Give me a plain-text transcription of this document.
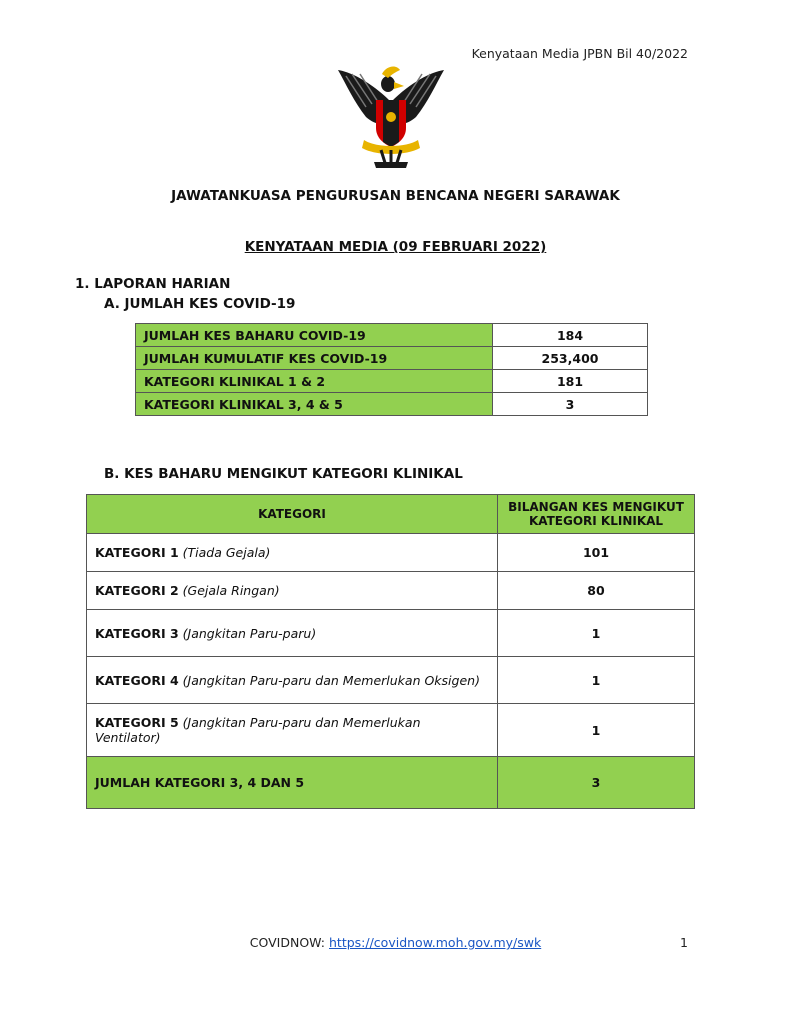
Kenyataan Media JPBN Bil 40/2022
JAWATANKUASA PENGURUSAN BENCANA NEGERI SARAWAK
KENYATAAN MEDIA (09 FEBRUARI 2022)
1. LAPORAN HARIAN
A. JUMLAH KES COVID-19
JUMLAH KES BAHARU COVID-19	184
JUMLAH KUMULATIF KES COVID-19	253,400
KATEGORI KLINIKAL 1 & 2	181
KATEGORI KLINIKAL 3, 4 & 5	3
B. KES BAHARU MENGIKUT KATEGORI KLINIKAL
KATEGORI	BILANGAN KES MENGIKUT KATEGORI KLINIKAL
KATEGORI 1 (Tiada Gejala)	101
KATEGORI 2 (Gejala Ringan)	80
KATEGORI 3 (Jangkitan Paru-paru)	1
KATEGORI 4 (Jangkitan Paru-paru dan Memerlukan Oksigen)	1
KATEGORI 5 (Jangkitan Paru-paru dan Memerlukan Ventilator)	1
JUMLAH KATEGORI 3, 4 DAN 5	3
COVIDNOW: https://covidnow.moh.gov.my/swk	1
